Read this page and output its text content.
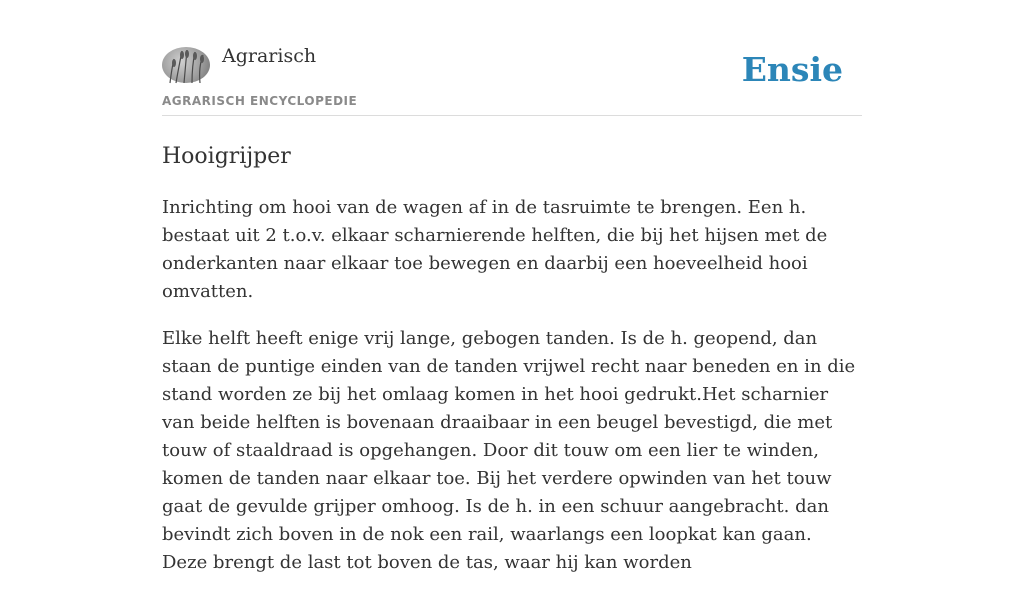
Agrarisch
AGRARISCH ENCYCLOPEDIE
Ensie
Hooigrijper

Inrichting om hooi van de wagen af in de tasruimte te brengen. Een h. bestaat uit 2 t.o.v. elkaar scharnierende helften, die bij het hijsen met de onderkanten naar elkaar toe bewegen en daarbij een hoeveelheid hooi omvatten.

Elke helft heeft enige vrij lange, gebogen tanden. Is de h. geopend, dan staan de puntige einden van de tanden vrijwel recht naar beneden en in die stand worden ze bij het omlaag komen in het hooi gedrukt.Het scharnier van beide helften is bovenaan draaibaar in een beugel bevestigd, die met touw of staaldraad is opgehangen. Door dit touw om een lier te winden, komen de tanden naar elkaar toe. Bij het verdere opwinden van het touw gaat de gevulde grijper omhoog. Is de h. in een schuur aangebracht. dan bevindt zich boven in de nok een rail, waarlangs een loopkat kan gaan. Deze brengt de last tot boven de tas, waar hij kan worden
